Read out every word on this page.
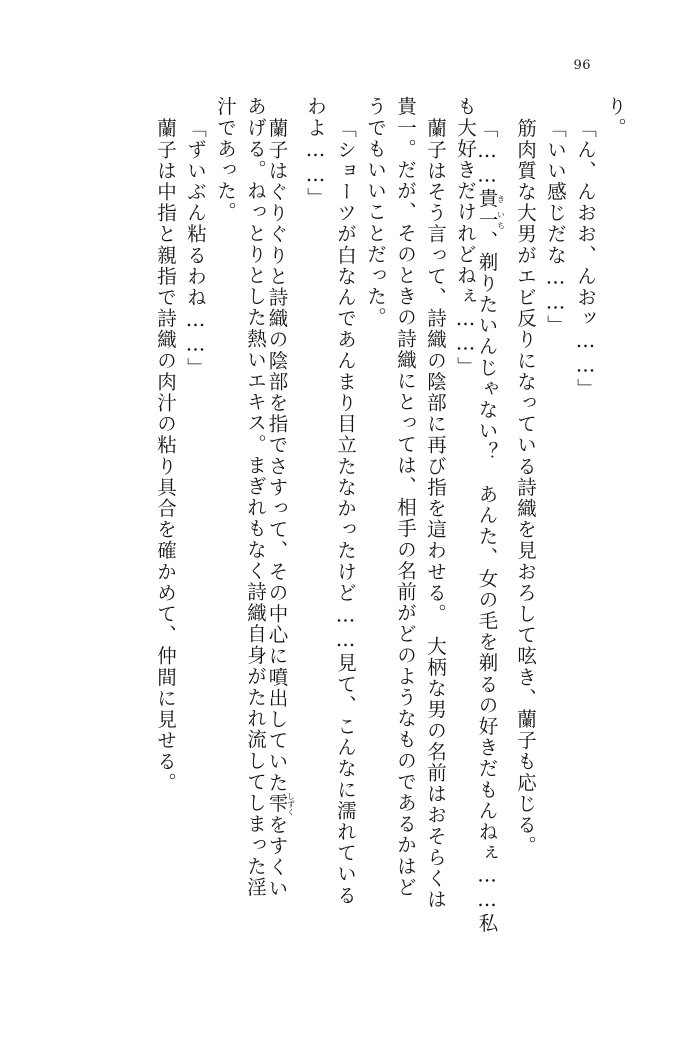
96
り。
「ん、んおお、んおッ……」
「いい感じだな……」
筋肉質な大男がエビ反りになっている詩織を見おろして呟き、蘭子も応じる。
「……貴き一いち、剃りたいんじゃない？　あんた、女の毛を剃るの好きだもんねぇ……私
も大好きだけれどねぇ……」
蘭子はそう言って、詩織の陰部に再び指を這わせる。　大柄な男の名前はおそらくは
貴一。だが、そのときの詩織にとっては、相手の名前がどのようなものであるかはど
うでもいいことだった。
「ショーツが白なんであんまり目立たなかったけど……見て、こんなに濡れている
わよ……」
蘭子はぐりぐりと詩織の陰部を指でさすって、その中心に噴出していた雫しずくをすくい
あげる。ねっとりとした熱いエキス。まぎれもなく詩織自身がたれ流してしまった淫
汁であった。
「ずいぶん粘るわね……」
蘭子は中指と親指で詩織の肉汁の粘り具合を確かめて、仲間に見せる。
